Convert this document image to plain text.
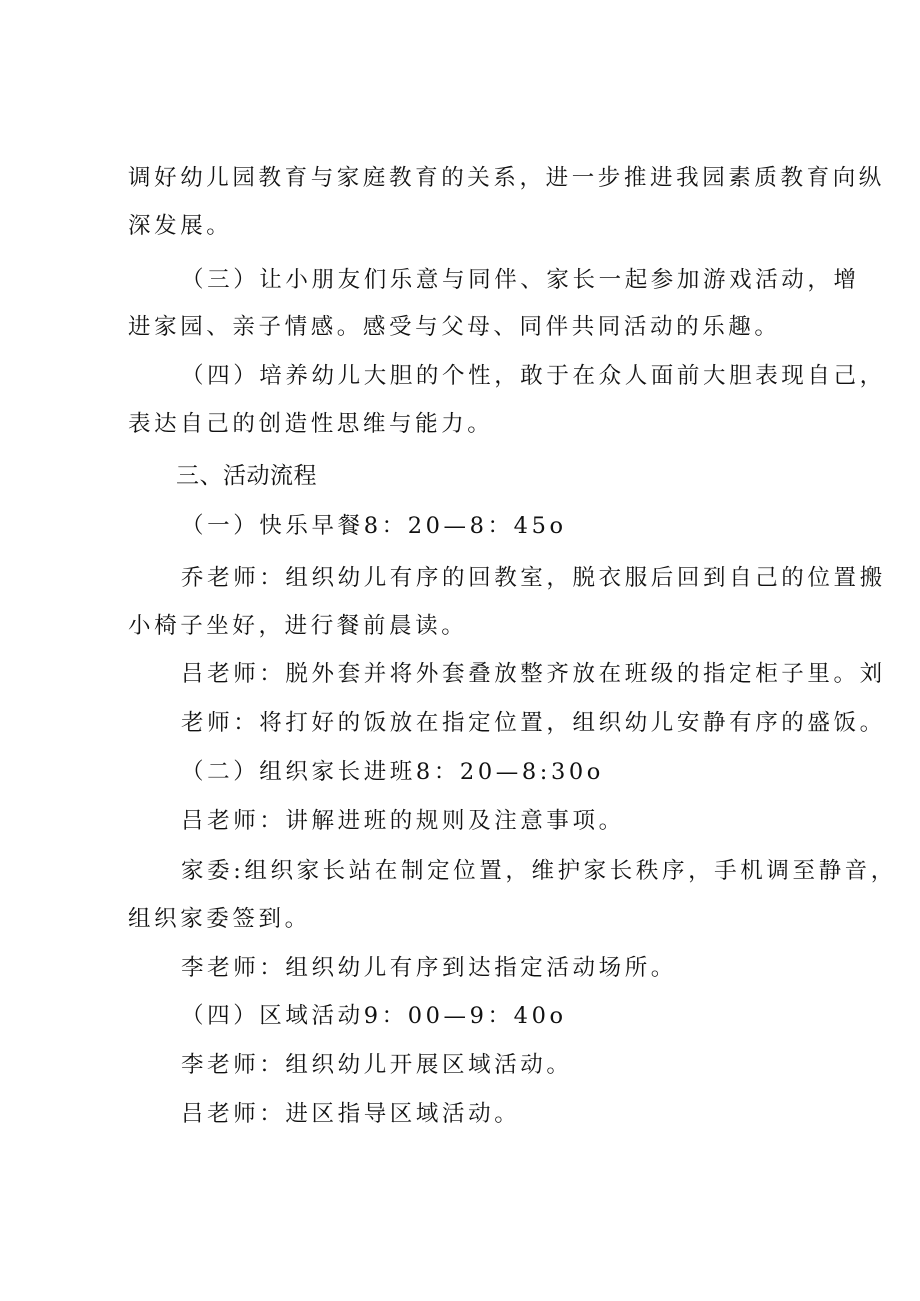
调好幼儿园教育与家庭教育的关系，进一步推进我园素质教育向纵
深发展。
（三）让小朋友们乐意与同伴、家长一起参加游戏活动，增
进家园、亲子情感。感受与父母、同伴共同活动的乐趣。
（四）培养幼儿大胆的个性，敢于在众人面前大胆表现自己，
表达自己的创造性思维与能力。
三、活动流程
（一）快乐早餐8：20—8：45o
乔老师：组织幼儿有序的回教室，脱衣服后回到自己的位置搬
小椅子坐好，进行餐前晨读。
吕老师：脱外套并将外套叠放整齐放在班级的指定柜子里。刘
老师：将打好的饭放在指定位置，组织幼儿安静有序的盛饭。
（二）组织家长进班8：20—8:30o
吕老师：讲解进班的规则及注意事项。
家委:组织家长站在制定位置，维护家长秩序，手机调至静音，
组织家委签到。
李老师：组织幼儿有序到达指定活动场所。
（四）区域活动9：00—9：40o
李老师：组织幼儿开展区域活动。
吕老师：进区指导区域活动。
